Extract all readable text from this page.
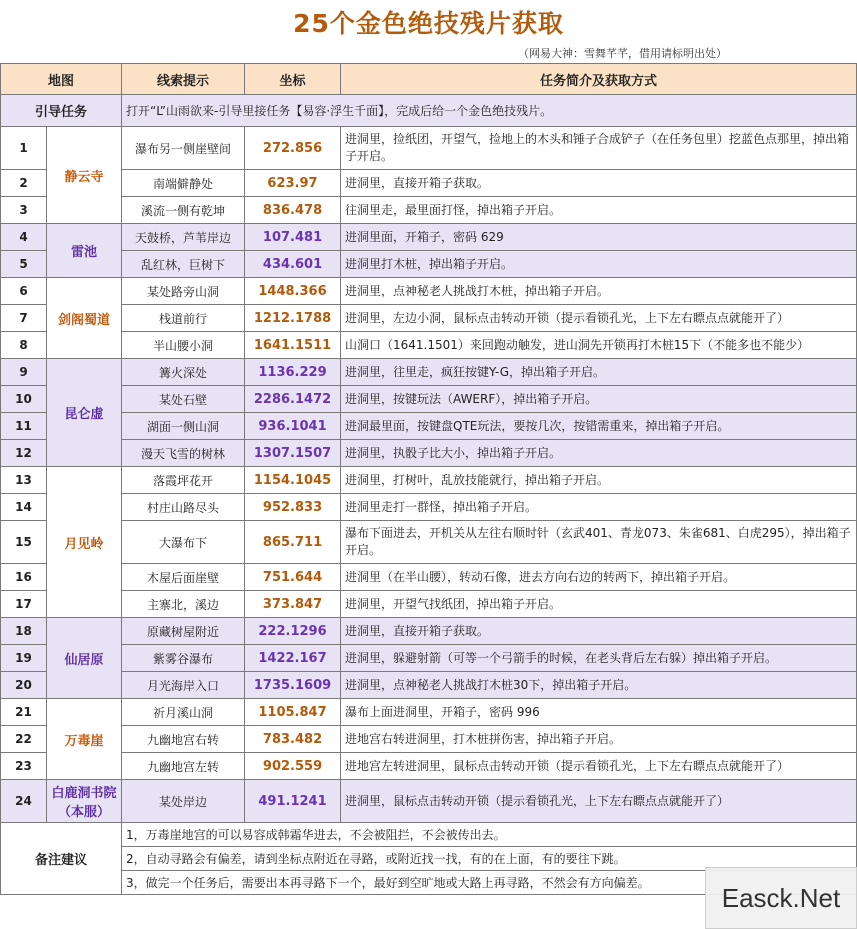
25个金色绝技残片获取
（网易大神：雪舞芊芊，借用请标明出处）
地图		线索提示	坐标	任务简介及获取方式
引导任务		打开“L”山雨欲来-引导里接任务【易容·浮生千面】，完成后给一个金色绝技残片。		
1	静云寺	瀑布另一侧崖壁间	272.856	进洞里，捡纸团，开望气，捡地上的木头和锤子合成铲子（在任务包里）挖蓝色点那里，掉出箱子开启。
2		南端僻静处	623.97	进洞里，直接开箱子获取。
3		溪流一侧有乾坤	836.478	往洞里走，最里面打怪，掉出箱子开启。
4	雷池	天鼓桥，芦苇岸边	107.481	进洞里面，开箱子，密码 629
5		乱红林，巨树下	434.601	进洞里打木桩，掉出箱子开启。
6	剑阁蜀道	某处路旁山洞	1448.366	进洞里，点神秘老人挑战打木桩，掉出箱子开启。
7		栈道前行	1212.1788	进洞里，左边小洞，鼠标点击转动开锁（提示看锁孔光，上下左右瞟点点就能开了）
8		半山腰小洞	1641.1511	山洞口（1641.1501）来回跑动触发，进山洞先开锁再打木桩15下（不能多也不能少）
9	昆仑虚	篝火深处	1136.229	进洞里，往里走，疯狂按键Y-G，掉出箱子开启。
10		某处石壁	2286.1472	进洞里，按键玩法（AWERF），掉出箱子开启。
11		湖面一侧山洞	936.1041	进洞最里面，按键盘QTE玩法，要按几次，按错需重来，掉出箱子开启。
12		漫天飞雪的树林	1307.1507	进洞里，执骰子比大小，掉出箱子开启。
13	月见岭	落霞坪花开	1154.1045	进洞里，打树叶，乱放技能就行，掉出箱子开启。
14		村庄山路尽头	952.833	进洞里走打一群怪，掉出箱子开启。
15		大瀑布下	865.711	瀑布下面进去，开机关从左往右顺时针（玄武401、青龙073、朱雀681、白虎295），掉出箱子开启。
16		木屋后面崖壁	751.644	进洞里（在半山腰），转动石像，进去方向右边的转两下，掉出箱子开启。
17		主寨北，溪边	373.847	进洞里，开望气找纸团，掉出箱子开启。
18	仙居原	原藏树屋附近	222.1296	进洞里，直接开箱子获取。
19		紫雾谷瀑布	1422.167	进洞里，躲避射箭（可等一个弓箭手的时候，在老头背后左右躲）掉出箱子开启。
20		月光海岸入口	1735.1609	进洞里，点神秘老人挑战打木桩30下，掉出箱子开启。
21	万毒崖	祈月溪山洞	1105.847	瀑布上面进洞里，开箱子，密码 996
22		九幽地宫右转	783.482	进地宫右转进洞里，打木桩拼伤害，掉出箱子开启。
23		九幽地宫左转	902.559	进地宫左转进洞里，鼠标点击转动开锁（提示看锁孔光，上下左右瞟点点就能开了）
24	白鹿洞书院（本服）	某处岸边	491.1241	进洞里，鼠标点击转动开锁（提示看锁孔光，上下左右瞟点点就能开了）
备注建议		1，万毒崖地宫的可以易容成韩霜华进去，不会被阻拦，不会被传出去。		
		2，自动寻路会有偏差，请到坐标点附近在寻路，或附近找一找，有的在上面，有的要往下跳。		
		3，做完一个任务后，需要出本再寻路下一个，最好到空旷地或大路上再寻路，不然会有方向偏差。			Easck.Net
